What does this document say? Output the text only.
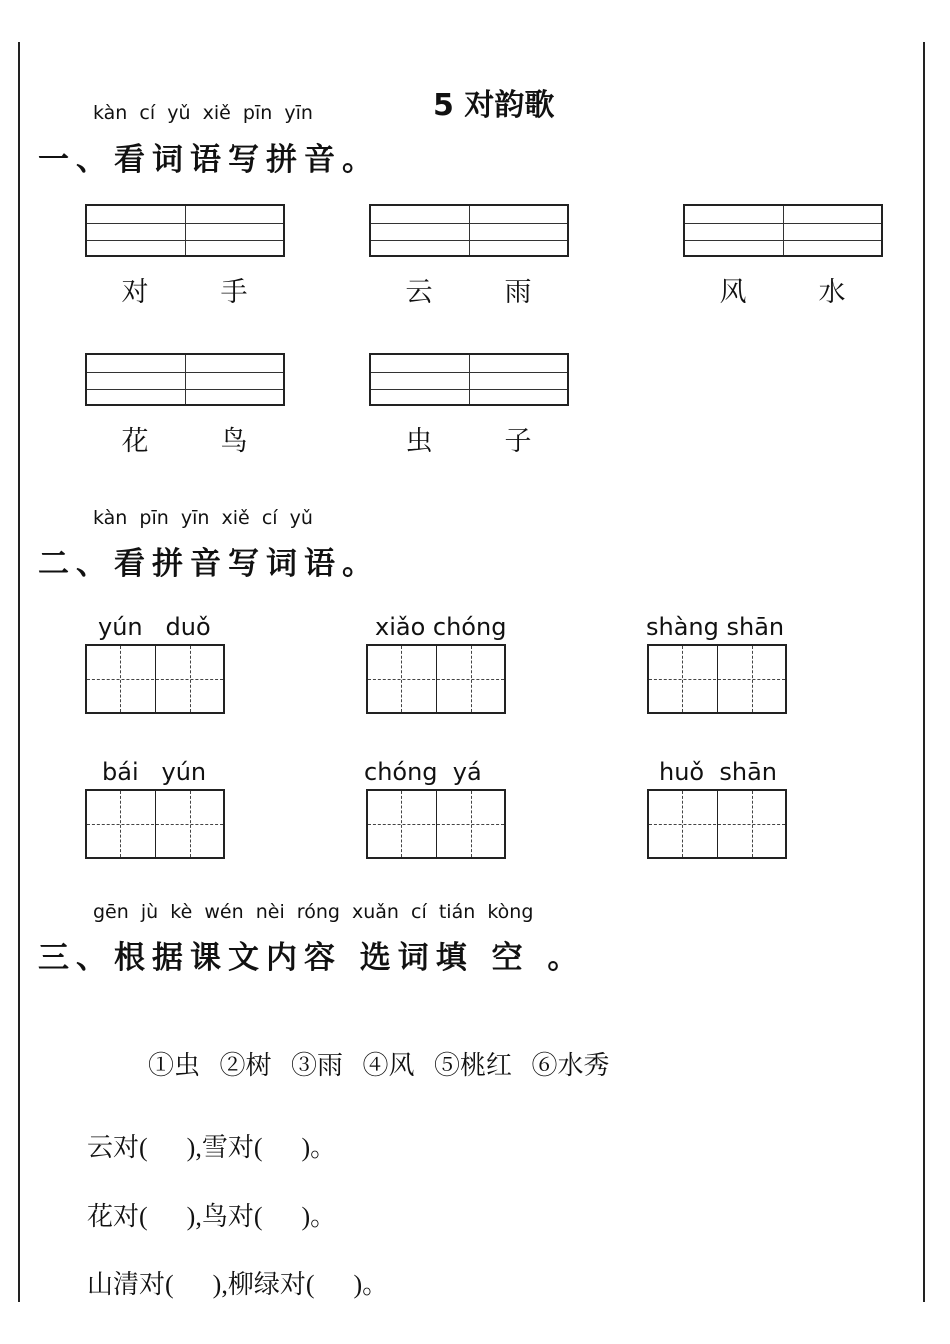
5 对韵歌
kàn  cí  yǔ  xiě  pīn  yīn
一、看词语写拼音。
对	手	云	雨	风	水
花	鸟	虫	子
kàn  pīn  yīn  xiě  cí  yǔ
二、看拼音写词语。
yún   duǒ	xiǎo chóng	shàng shān
bái   yún	chóng  yá	huǒ  shān
gēn  jù  kè  wén  nèi  róng  xuǎn  cí  tián  kòng
三、根据课文内容 选词填 空 。
①虫   ②树   ③雨   ④风   ⑤桃红   ⑥水秀
云对(      ),雪对(      )。
花对(      ),鸟对(      )。
山清对(      ),柳绿对(      )。
